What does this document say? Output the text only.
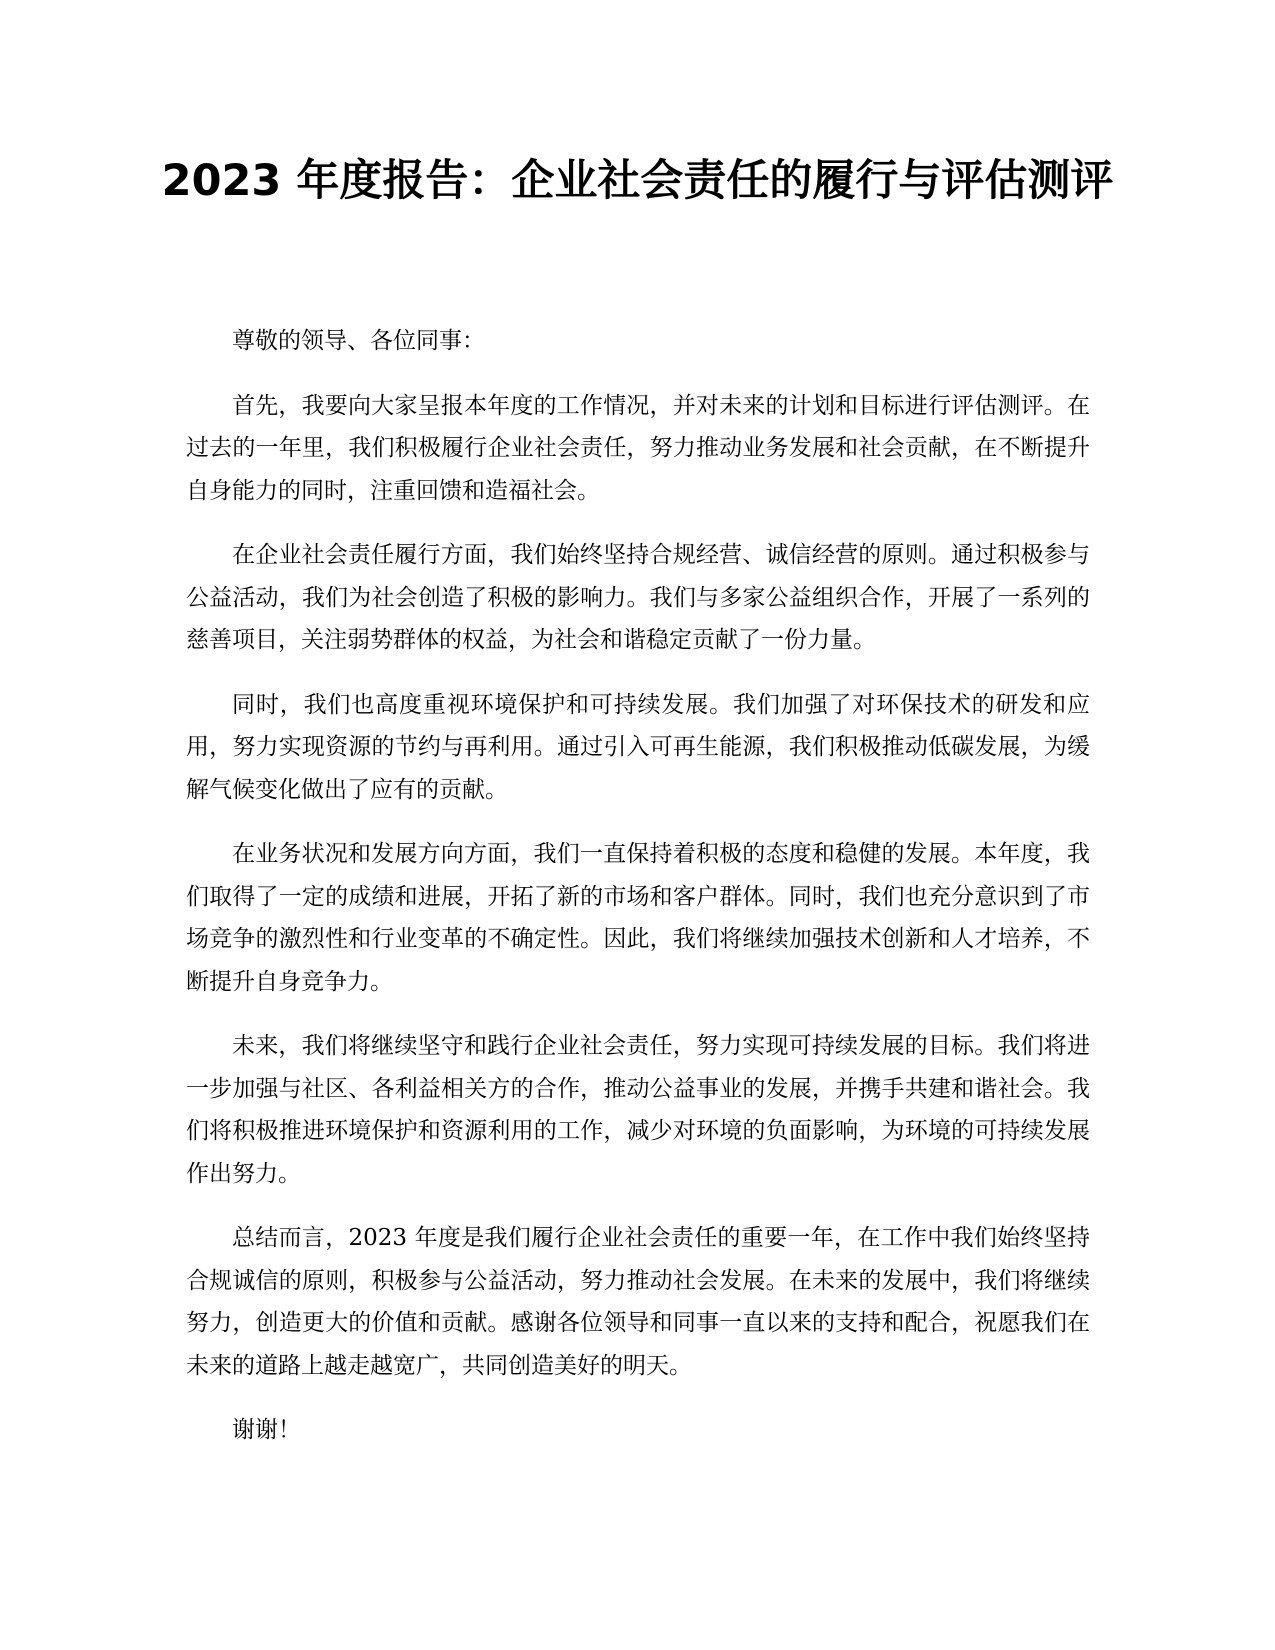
2023 年度报告：企业社会责任的履行与评估测评

尊敬的领导、各位同事：

首先，我要向大家呈报本年度的工作情况，并对未来的计划和目标进行评估测评。在过去的一年里，我们积极履行企业社会责任，努力推动业务发展和社会贡献，在不断提升自身能力的同时，注重回馈和造福社会。

在企业社会责任履行方面，我们始终坚持合规经营、诚信经营的原则。通过积极参与公益活动，我们为社会创造了积极的影响力。我们与多家公益组织合作，开展了一系列的慈善项目，关注弱势群体的权益，为社会和谐稳定贡献了一份力量。

同时，我们也高度重视环境保护和可持续发展。我们加强了对环保技术的研发和应用，努力实现资源的节约与再利用。通过引入可再生能源，我们积极推动低碳发展，为缓解气候变化做出了应有的贡献。

在业务状况和发展方向方面，我们一直保持着积极的态度和稳健的发展。本年度，我们取得了一定的成绩和进展，开拓了新的市场和客户群体。同时，我们也充分意识到了市场竞争的激烈性和行业变革的不确定性。因此，我们将继续加强技术创新和人才培养，不断提升自身竞争力。

未来，我们将继续坚守和践行企业社会责任，努力实现可持续发展的目标。我们将进一步加强与社区、各利益相关方的合作，推动公益事业的发展，并携手共建和谐社会。我们将积极推进环境保护和资源利用的工作，减少对环境的负面影响，为环境的可持续发展作出努力。

总结而言，2023 年度是我们履行企业社会责任的重要一年，在工作中我们始终坚持合规诚信的原则，积极参与公益活动，努力推动社会发展。在未来的发展中，我们将继续努力，创造更大的价值和贡献。感谢各位领导和同事一直以来的支持和配合，祝愿我们在未来的道路上越走越宽广，共同创造美好的明天。

谢谢！
